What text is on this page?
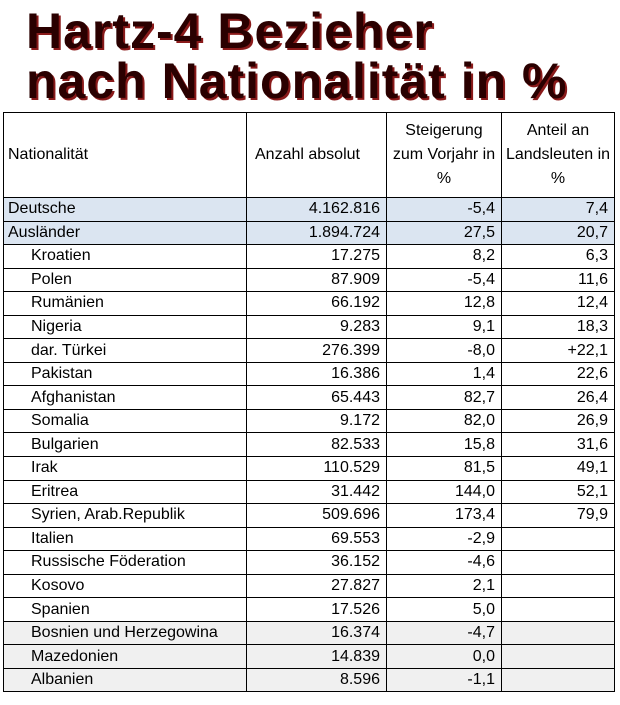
Hartz-4 Bezieher
nach Nationalität in %
Nationalität	Anzahl absolut	Steigerung zum Vorjahr in %	Anteil an Landsleuten in %
Deutsche	4.162.816	-5,4	7,4
Ausländer	1.894.724	27,5	20,7
Kroatien	17.275	8,2	6,3
Polen	87.909	-5,4	11,6
Rumänien	66.192	12,8	12,4
Nigeria	9.283	9,1	18,3
dar. Türkei	276.399	-8,0	+22,1
Pakistan	16.386	1,4	22,6
Afghanistan	65.443	82,7	26,4
Somalia	9.172	82,0	26,9
Bulgarien	82.533	15,8	31,6
Irak	110.529	81,5	49,1
Eritrea	31.442	144,0	52,1
Syrien, Arab.Republik	509.696	173,4	79,9
Italien	69.553	-2,9	
Russische Föderation	36.152	-4,6	
Kosovo	27.827	2,1	
Spanien	17.526	5,0	
Bosnien und Herzegowina	16.374	-4,7	
Mazedonien	14.839	0,0	
Albanien	8.596	-1,1	
